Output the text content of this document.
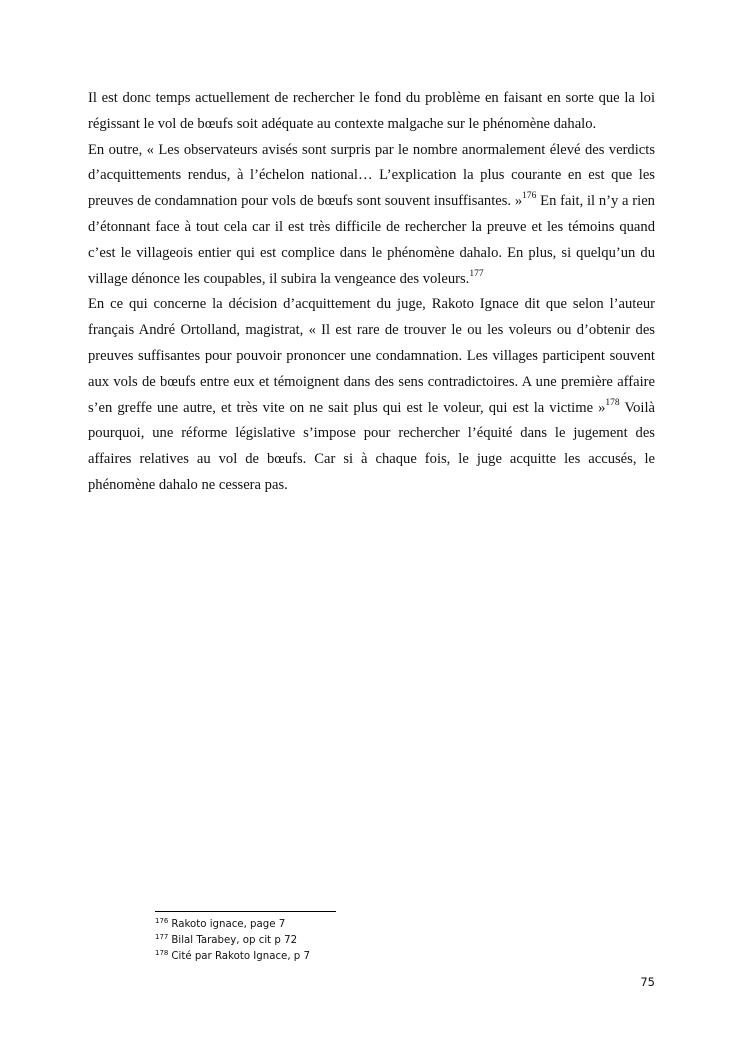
Il est donc temps actuellement de rechercher le fond du problème en faisant en sorte que la loi régissant le vol de bœufs soit adéquate au contexte malgache sur le phénomène dahalo.

En outre, « Les observateurs avisés sont surpris par le nombre anormalement élevé des verdicts d’acquittements rendus, à l’échelon national… L’explication la plus courante en est que les preuves de condamnation pour vols de bœufs sont souvent insuffisantes. »$^{176}$ En fait, il n’y a rien d’étonnant face à tout cela car il est très difficile de rechercher la preuve et les témoins quand c’est le villageois entier qui est complice dans le phénomène dahalo. En plus, si quelqu’un du village dénonce les coupables, il subira la vengeance des voleurs.$^{177}$

En ce qui concerne la décision d’acquittement du juge, Rakoto Ignace dit que selon l’auteur français André Ortolland, magistrat, « Il est rare de trouver le ou les voleurs ou d’obtenir des preuves suffisantes pour pouvoir prononcer une condamnation. Les villages participent souvent aux vols de bœufs entre eux et témoignent dans des sens contradictoires. A une première affaire s’en greffe une autre, et très vite on ne sait plus qui est le voleur, qui est la victime »$^{178}$ Voilà pourquoi, une réforme législative s’impose pour rechercher l’équité dans le jugement des affaires relatives au vol de bœufs. Car si à chaque fois, le juge acquitte les accusés, le phénomène dahalo ne cessera pas.

$^{176}$ Rakoto ignace, page 7
$^{177}$ Bilal Tarabey, op cit p 72
$^{178}$ Cité par Rakoto Ignace, p 7
75
